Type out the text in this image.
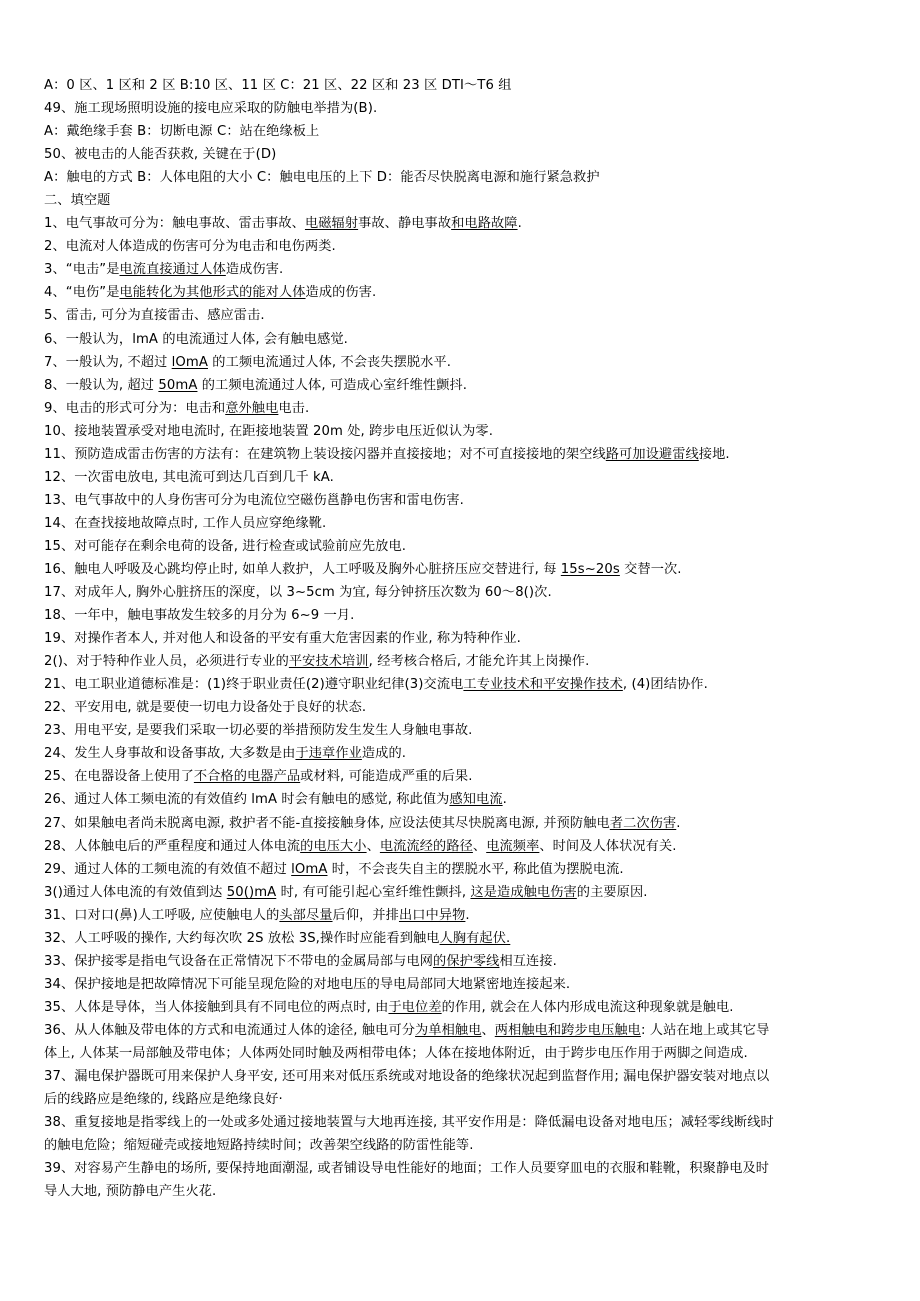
A：0 区、1 区和 2 区 B:10 区、11 区 C：21 区、22 区和 23 区 DTI～T6 组
49、施工现场照明设施的接电应采取的防触电举措为(B).
A：戴绝缘手套 B：切断电源 C：站在绝缘板上
50、被电击的人能否获救, 关键在于(D)
A：触电的方式 B：人体电阻的大小 C：触电电压的上下 D：能否尽快脱离电源和施行紧急救护
二、填空题
1、电气事故可分为：触电事故、雷击事故、电磁辐射事故、静电事故和电路故障.
2、电流对人体造成的伤害可分为电击和电伤两类.
3、“电击”是电流直接通过人体造成伤害.
4、“电伤”是电能转化为其他形式的能对人体造成的伤害.
5、雷击, 可分为直接雷击、感应雷击.
6、一般认为，lmA 的电流通过人体, 会有触电感觉.
7、一般认为, 不超过 lOmA 的工频电流通过人体, 不会丧失摆脱水平.
8、一般认为, 超过 50mA 的工频电流通过人体, 可造成心室纤维性颤抖.
9、电击的形式可分为：电击和意外触电电击.
10、接地装置承受对地电流时, 在距接地装置 20m 处, 跨步电压近似认为零.
11、预防造成雷击伤害的方法有：在建筑物上装设接闪器并直接接地；对不可直接接地的架空线路可加设避雷线接地.
12、一次雷电放电, 其电流可到达几百到几千 kA.
13、电气事故中的人身伤害可分为电流位空磁伤邕静电伤害和雷电伤害.
14、在查找接地故障点时, 工作人员应穿绝缘靴.
15、对可能存在剩余电荷的设备, 进行检查或试验前应先放电.
16、触电人呼吸及心跳均停止时, 如单人救护，人工呼吸及胸外心脏挤压应交替进行, 每 15s~20s 交替一次.
17、对成年人, 胸外心脏挤压的深度，以 3~5cm 为宜, 每分钟挤压次数为 60～8()次.
18、一年中，触电事故发生较多的月分为 6~9 一月.
19、对操作者本人, 并对他人和设备的平安有重大危害因素的作业, 称为特种作业.
2()、对于特种作业人员，必须进行专业的平安技术培训, 经考核合格后, 才能允许其上岗操作.
21、电工职业道德标准是：(1)终于职业责任(2)遵守职业纪律(3)交流电工专业技术和平安操作技术, (4)团结协作.
22、平安用电, 就是要使一切电力设备处于良好的状态.
23、用电平安, 是要我们采取一切必要的举措预防发生发生人身触电事故.
24、发生人身事故和设备事故, 大多数是由于违章作业造成的.
25、在电器设备上使用了不合格的电器产品或材料, 可能造成严重的后果.
26、通过人体工频电流的有效值约 lmA 时会有触电的感觉, 称此值为感知电流.
27、如果触电者尚未脱离电源, 救护者不能-直接接触身体, 应设法使其尽快脱离电源, 并预防触电者二次伤害.
28、人体触电后的严重程度和通过人体电流的电压大小、电流流经的路径、电流频率、时间及人体状况有关.
29、通过人体的工频电流的有效值不超过 lOmA 时，不会丧失自主的摆脱水平, 称此值为摆脱电流.
3()通过人体电流的有效值到达 50()mA 时, 有可能引起心室纤维性颤抖, 这是造成触电伤害的主要原因.
31、口对口(鼻)人工呼吸, 应使触电人的头部尽量后仰，并排出口中异物.
32、人工呼吸的操作, 大约每次吹 2S 放松 3S,操作时应能看到触电人胸有起伏.
33、保护接零是指电气设备在正常情况下不带电的金属局部与电网的保护零线相互连接.
34、保护接地是把故障情况下可能呈现危险的对地电压的导电局部同大地紧密地连接起来.
35、人体是导体，当人体接触到具有不同电位的两点时, 由于电位差的作用, 就会在人体内形成电流这种现象就是触电.
36、从人体触及带电体的方式和电流通过人体的途径, 触电可分为单相触电、两相触电和跨步电压触电: 人站在地上或其它导
体上, 人体某一局部触及带电体；人体两处同时触及两相带电体；人体在接地体附近，由于跨步电压作用于两脚之间造成.
37、漏电保护器既可用来保护人身平安, 还可用来对低压系统或对地设备的绝缘状况起到监督作用; 漏电保护器安装对地点以
后的线路应是绝缘的, 线路应是绝缘良好·
38、重复接地是指零线上的一处或多处通过接地装置与大地再连接, 其平安作用是：降低漏电设备对地电压；减轻零线断线时
的触电危险；缩短碰壳或接地短路持续时间；改善架空线路的防雷性能等.
39、对容易产生静电的场所, 要保持地面潮湿, 或者铺设导电性能好的地面；工作人员要穿皿电的衣服和鞋靴，积聚静电及时
导人大地, 预防静电产生火花.
